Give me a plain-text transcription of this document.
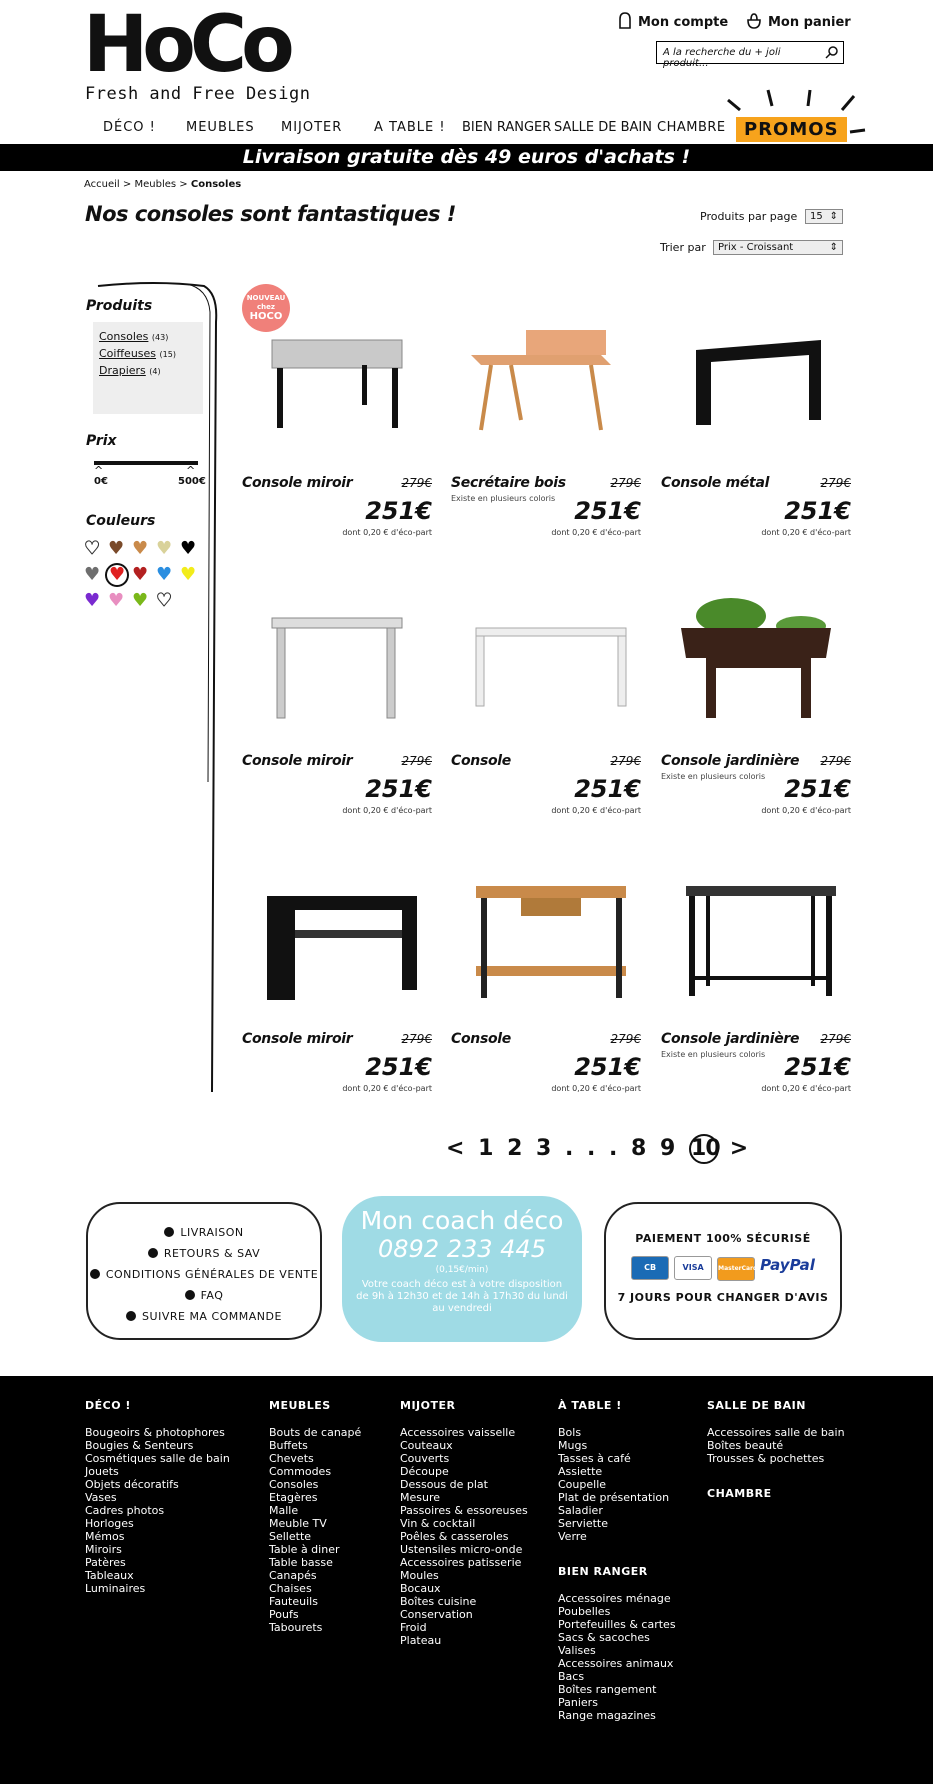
HoCo
Fresh and Free Design
Mon compte	Mon panier
A la recherche du + joli produit...
DÉCO ! MEUBLES MIJOTER A TABLE ! BIEN RANGER SALLE DE BAIN CHAMBRE	PROMOS
Livraison gratuite dès 49 euros d'achats !
Accueil > Meubles > Consoles
Nos consoles sont fantastiques !	Produits par page	15 ⇕
Trier par	Prix - Croissant	⇕
Produits
Consoles (43)
Coiffeuses (15)
Drapiers (4)
Prix
^	^
0€	500€
Couleurs
♥ ♥ ♥ ♥ ♥
♥ ♥ ♥ ♥ ♥
♥ ♥ ♥ ♥
Console miroir	279€
251€
dont 0,20 € d'éco-part
NOUVEAU
chez
HOCO
Secrétaire bois	279€
Existe en plusieurs coloris 251€
dont 0,20 € d'éco-part
Console métal	279€
251€
dont 0,20 € d'éco-part
Console miroir	279€
251€
dont 0,20 € d'éco-part
Console	279€
251€
dont 0,20 € d'éco-part
Console jardinière 279€
Existe en plusieurs coloris 251€
dont 0,20 € d'éco-part
Console miroir	279€
251€
dont 0,20 € d'éco-part
Console	279€
251€
dont 0,20 € d'éco-part
Console jardinière 279€
Existe en plusieurs coloris 251€
dont 0,20 € d'éco-part
< 1 2 3 . . . 8 9 10 >
LIVRAISON
RETOURS & SAV
CONDITIONS GÉNÉRALES DE VENTE
FAQ
SUIVRE MA COMMANDE
Mon coach déco
0892 233 445
(0,15€/min)
Votre coach déco est à votre disposition de 9h à 12h30 et de 14h à 17h30 du lundi au vendredi
PAIEMENT 100% SÉCURISÉ
CB	VISA MasterCard PayPal
7 JOURS POUR CHANGER D'AVIS
DÉCO !
Bougeoirs & photophores
Bougies & Senteurs
Cosmétiques salle de bain
Jouets
Objets décoratifs
Vases
Cadres photos
Horloges
Mémos
Miroirs
Patères
Tableaux
Luminaires
MEUBLES
Bouts de canapé
Buffets
Chevets
Commodes
Consoles
Etagères
Malle
Meuble TV
Sellette
Table à diner
Table basse
Canapés
Chaises
Fauteuils
Poufs
Tabourets
MIJOTER
Accessoires vaisselle
Couteaux
Couverts
Découpe
Dessous de plat
Mesure
Passoires & essoreuses
Vin & cocktail
Poêles & casseroles
Ustensiles micro-onde
Accessoires patisserie
Moules
Bocaux
Boîtes cuisine
Conservation
Froid
Plateau
À TABLE !
Bols
Mugs
Tasses à café
Assiette
Coupelle
Plat de présentation
Saladier
Serviette
Verre
BIEN RANGER
Accessoires ménage
Poubelles
Portefeuilles & cartes
Sacs & sacoches
Valises
Accessoires animaux
Bacs
Boîtes rangement
Paniers
Range magazines
SALLE DE BAIN
Accessoires salle de bain
Boîtes beauté
Trousses & pochettes
CHAMBRE
